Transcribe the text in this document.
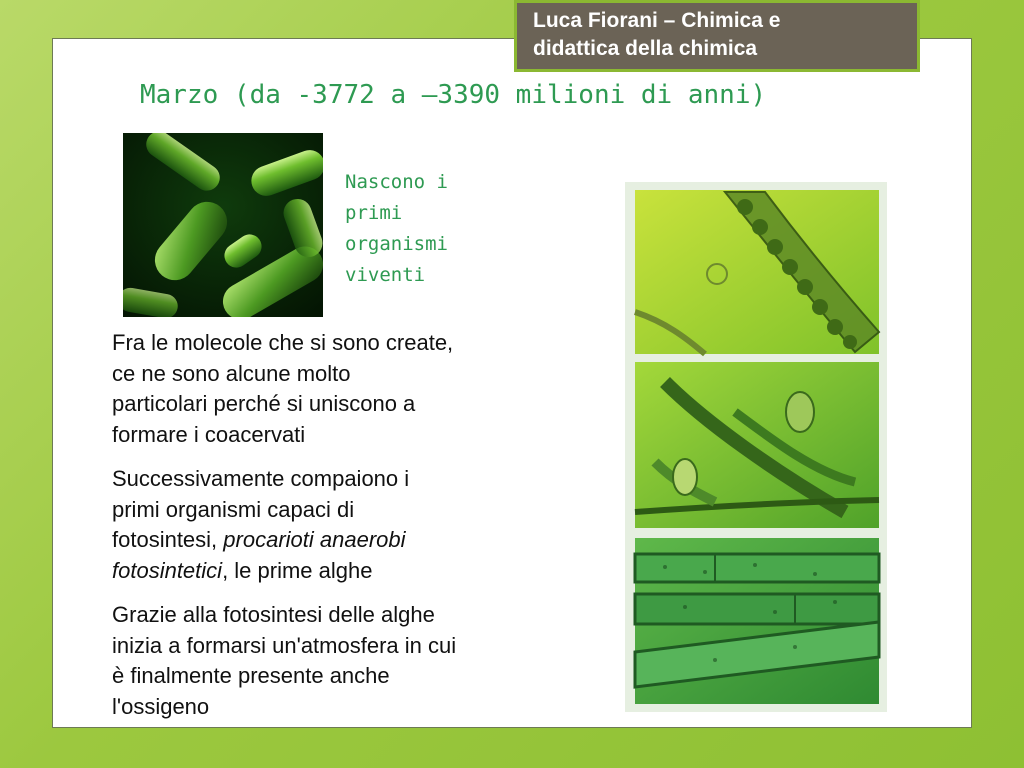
Luca Fiorani – Chimica e
didattica della chimica
Marzo (da -3772 a –3390 milioni di anni)
Nascono i
primi
organismi
viventi

Fra le molecole che si sono create,
ce ne sono alcune molto
particolari perché si uniscono a
formare i coacervati

Successivamente compaiono i
primi organismi capaci di
fotosintesi, procarioti anaerobi
fotosintetici, le prime alghe

Grazie alla fotosintesi delle alghe
inizia a formarsi un'atmosfera in cui
è finalmente presente anche
l'ossigeno
